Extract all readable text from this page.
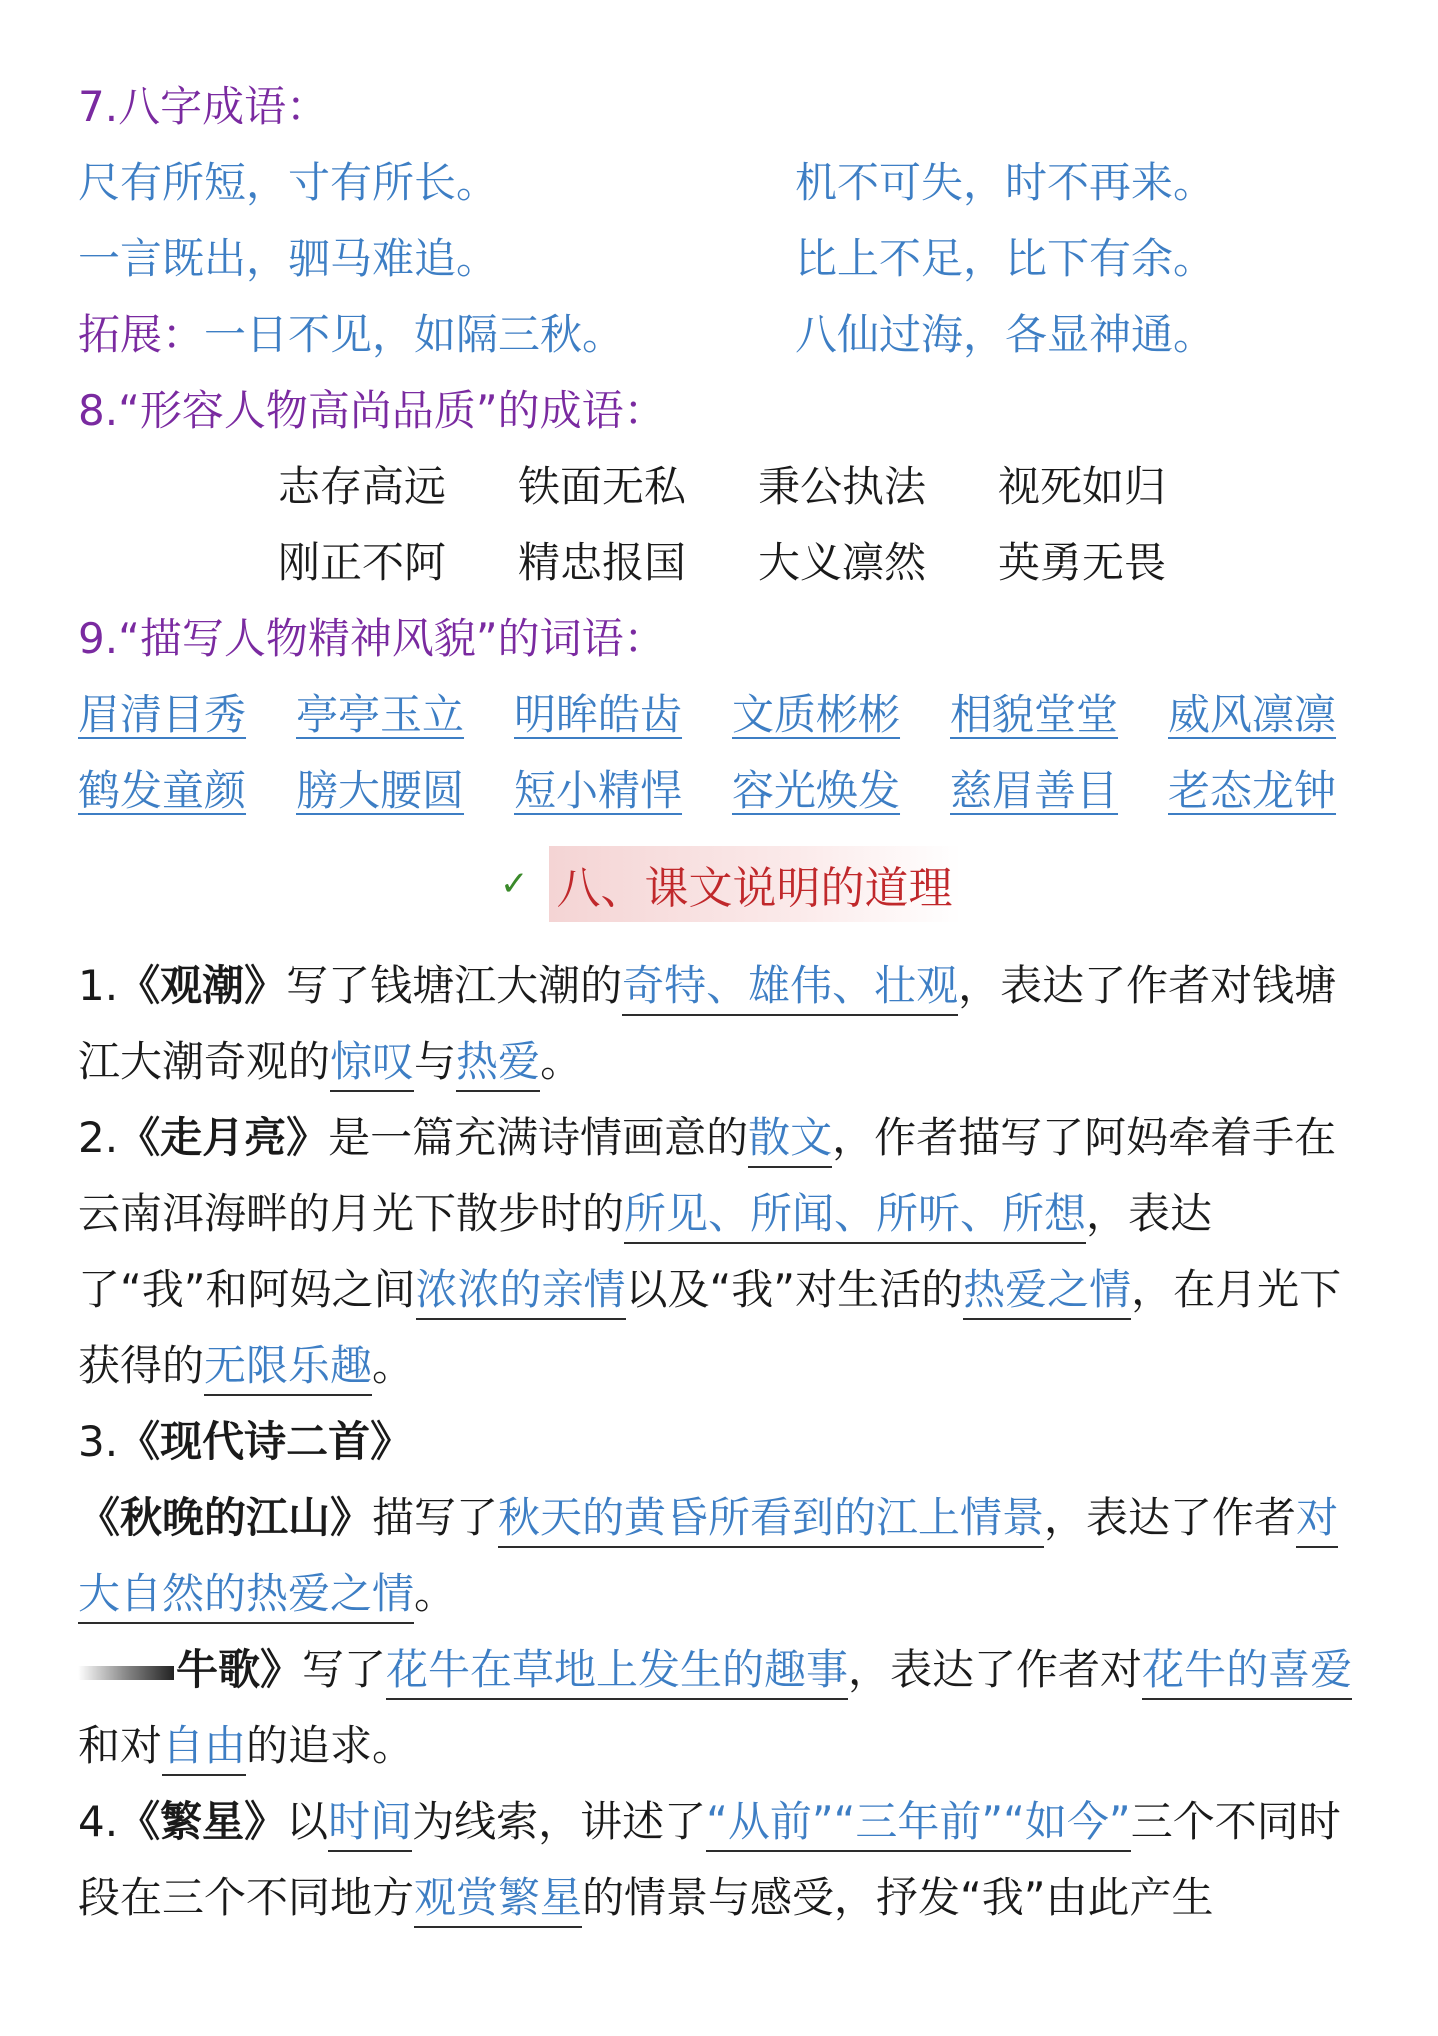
7.八字成语：
尺有所短，寸有所长。	机不可失，时不再来。
一言既出，驷马难追。	比上不足，比下有余。
拓展：一日不见，如隔三秋。	八仙过海，各显神通。
8.“形容人物高尚品质”的成语：
志存高远 铁面无私 秉公执法 视死如归
刚正不阿 精忠报国 大义凛然 英勇无畏
9.“描写人物精神风貌”的词语：
眉清目秀	亭亭玉立	明眸皓齿	文质彬彬	相貌堂堂	威风凛凛
鹤发童颜	膀大腰圆	短小精悍	容光焕发	慈眉善目	老态龙钟
✓ 八、课文说明的道理
1.《观潮》写了钱塘江大潮的奇特、雄伟、壮观，表达了作者对钱塘江大潮奇观的惊叹与热爱。
2.《走月亮》是一篇充满诗情画意的散文，作者描写了阿妈牵着手在云南洱海畔的月光下散步时的所见、所闻、所听、所想，表达了“我”和阿妈之间浓浓的亲情以及“我”对生活的热爱之情，在月光下获得的无限乐趣。
3.《现代诗二首》
《秋晚的江山》描写了秋天的黄昏所看到的江上情景，表达了作者对大自然的热爱之情。
牛歌》写了花牛在草地上发生的趣事，表达了作者对花牛的喜爱和对自由的追求。
4.《繁星》以时间为线索，讲述了“从前”“三年前”“如今”三个不同时段在三个不同地方观赏繁星的情景与感受，抒发“我”由此产生
